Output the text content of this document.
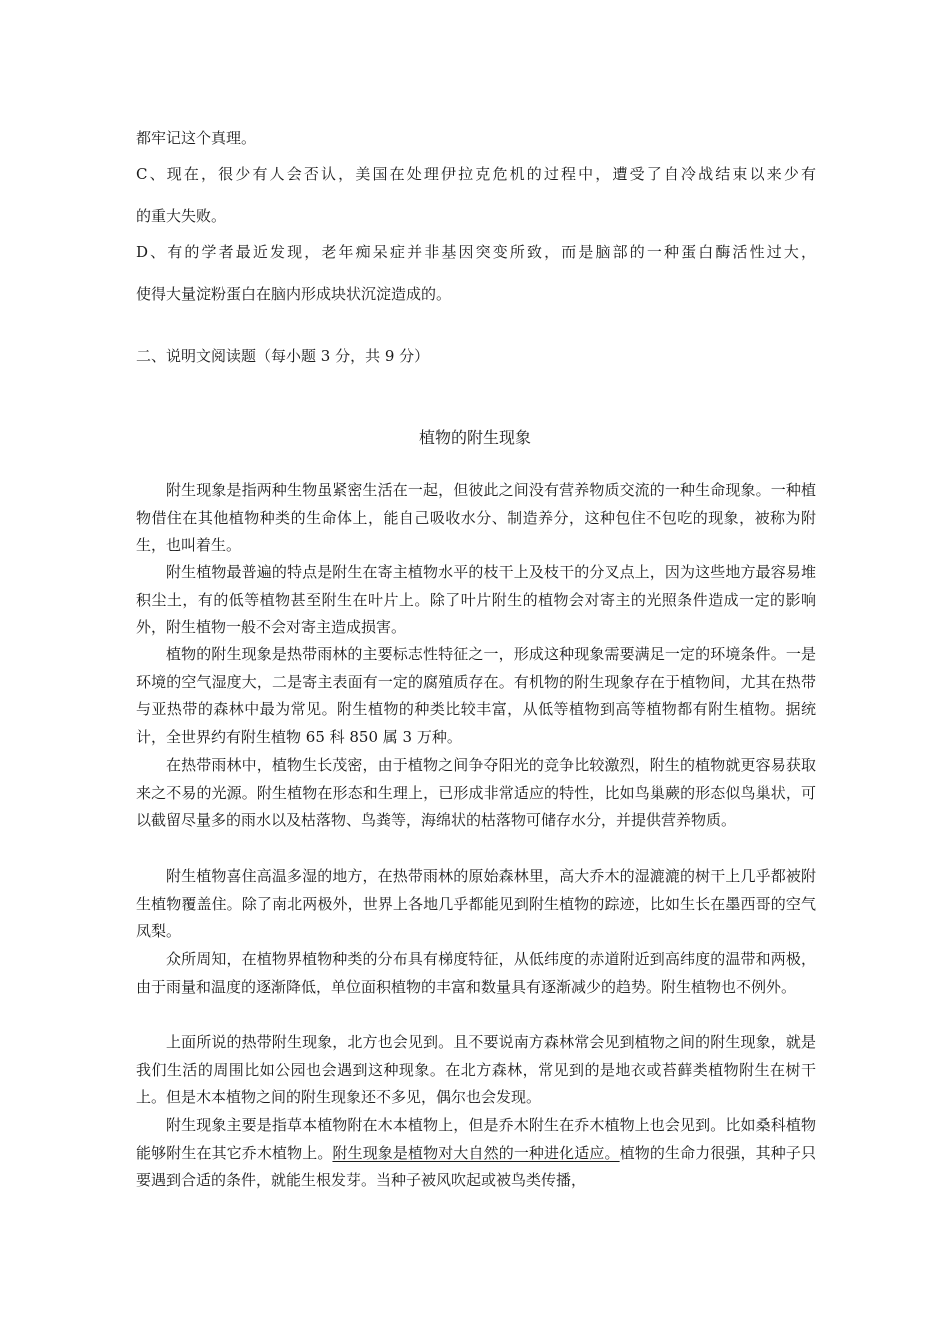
都牢记这个真理。
C、现在，很少有人会否认，美国在处理伊拉克危机的过程中，遭受了自冷战结束以来少有
的重大失败。
D、有的学者最近发现，老年痴呆症并非基因突变所致，而是脑部的一种蛋白酶活性过大，
使得大量淀粉蛋白在脑内形成块状沉淀造成的。
二、说明文阅读题（每小题 3 分，共 9 分）
植物的附生现象
附生现象是指两种生物虽紧密生活在一起，但彼此之间没有营养物质交流的一种生命现象。一种植物借住在其他植物种类的生命体上，能自己吸收水分、制造养分，这种包住不包吃的现象，被称为附生，也叫着生。
附生植物最普遍的特点是附生在寄主植物水平的枝干上及枝干的分叉点上，因为这些地方最容易堆积尘土，有的低等植物甚至附生在叶片上。除了叶片附生的植物会对寄主的光照条件造成一定的影响外，附生植物一般不会对寄主造成损害。
植物的附生现象是热带雨林的主要标志性特征之一，形成这种现象需要满足一定的环境条件。一是环境的空气湿度大，二是寄主表面有一定的腐殖质存在。有机物的附生现象存在于植物间，尤其在热带与亚热带的森林中最为常见。附生植物的种类比较丰富，从低等植物到高等植物都有附生植物。据统计，全世界约有附生植物 65 科 850 属 3 万种。
在热带雨林中，植物生长茂密，由于植物之间争夺阳光的竞争比较激烈，附生的植物就更容易获取来之不易的光源。附生植物在形态和生理上，已形成非常适应的特性，比如鸟巢蕨的形态似鸟巢状，可以截留尽量多的雨水以及枯落物、鸟粪等，海绵状的枯落物可储存水分，并提供营养物质。
附生植物喜住高温多湿的地方，在热带雨林的原始森林里，高大乔木的湿漉漉的树干上几乎都被附生植物覆盖住。除了南北两极外，世界上各地几乎都能见到附生植物的踪迹，比如生长在墨西哥的空气凤梨。
众所周知，在植物界植物种类的分布具有梯度特征，从低纬度的赤道附近到高纬度的温带和两极，由于雨量和温度的逐渐降低，单位面积植物的丰富和数量具有逐渐减少的趋势。附生植物也不例外。
上面所说的热带附生现象，北方也会见到。且不要说南方森林常会见到植物之间的附生现象，就是我们生活的周围比如公园也会遇到这种现象。在北方森林，常见到的是地衣或苔藓类植物附生在树干上。但是木本植物之间的附生现象还不多见，偶尔也会发现。
附生现象主要是指草本植物附在木本植物上，但是乔木附生在乔木植物上也会见到。比如桑科植物能够附生在其它乔木植物上。附生现象是植物对大自然的一种进化适应。植物的生命力很强，其种子只要遇到合适的条件，就能生根发芽。当种子被风吹起或被鸟类传播，
